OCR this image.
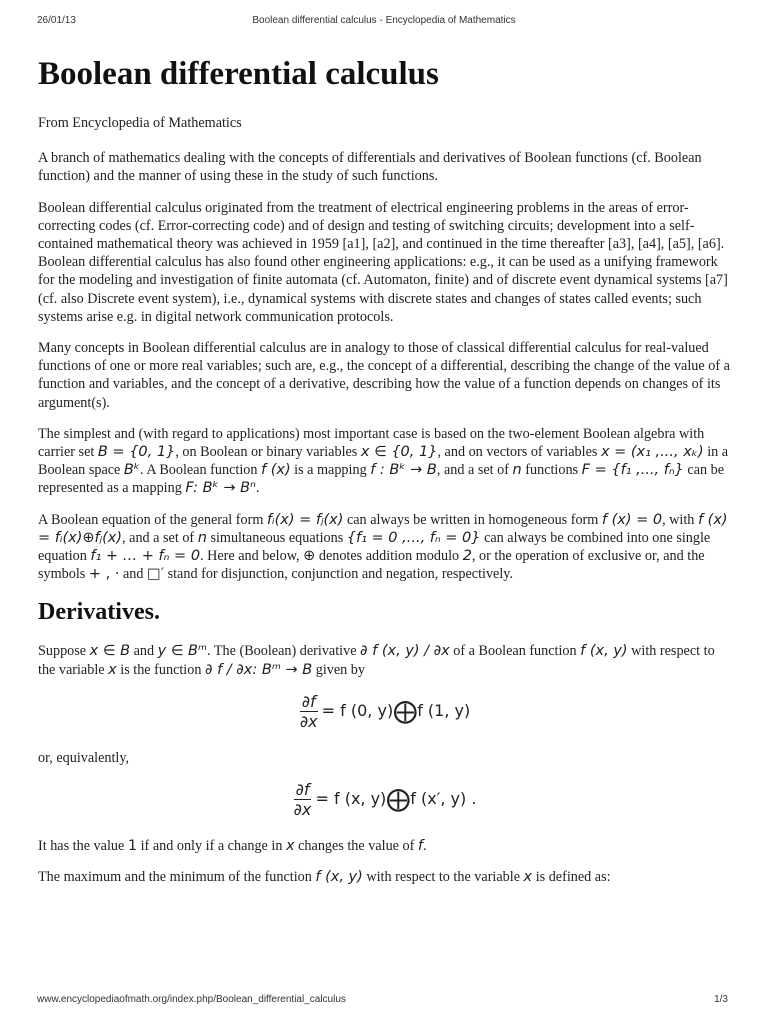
26/01/13	Boolean differential calculus - Encyclopedia of Mathematics
Boolean differential calculus

From Encyclopedia of Mathematics

A branch of mathematics dealing with the concepts of differentials and derivatives of Boolean functions (cf. Boolean function) and the manner of using these in the study of such functions.

Boolean differential calculus originated from the treatment of electrical engineering problems in the areas of error-correcting codes (cf. Error-correcting code) and of design and testing of switching circuits; development into a self-contained mathematical theory was achieved in 1959 [a1], [a2], and continued in the time thereafter [a3], [a4], [a5], [a6]. Boolean differential calculus has also found other engineering applications: e.g., it can be used as a unifying framework for the modeling and investigation of finite automata (cf. Automaton, finite) and of discrete event dynamical systems [a7] (cf. also Discrete event system), i.e., dynamical systems with discrete states and changes of states called events; such systems arise e.g. in digital network communication protocols.

Many concepts in Boolean differential calculus are in analogy to those of classical differential calculus for real-valued functions of one or more real variables; such are, e.g., the concept of a differential, describing the change of the value of a function and variables, and the concept of a derivative, describing how the value of a function depends on changes of its argument(s).

The simplest and (with regard to applications) most important case is based on the two-element Boolean algebra with carrier set B = {0, 1}, on Boolean or binary variables x ∈ {0, 1}, and on vectors of variables x = (x₁ ,..., xₖ) in a Boolean space Bᵏ. A Boolean function f (x) is a mapping f : Bᵏ → B, and a set of n functions F = {f₁ ,..., fₙ} can be represented as a mapping F: Bᵏ → Bⁿ.

A Boolean equation of the general form fᵢ(x) = fⱼ(x) can always be written in homogeneous form f (x) = 0, with f (x) = fᵢ(x)⊕fⱼ(x), and a set of n simultaneous equations {f₁ = 0 ,..., fₙ = 0} can always be combined into one single equation f₁ + … + fₙ = 0. Here and below, ⊕ denotes addition modulo 2, or the operation of exclusive or, and the symbols + , · and □′ stand for disjunction, conjunction and negation, respectively.

Derivatives.

Suppose x ∈ B and y ∈ Bᵐ. The (Boolean) derivative ∂ f (x, y) / ∂x of a Boolean function f (x, y) with respect to the variable x is the function ∂ f / ∂x: Bᵐ → B given by

$\frac{\partial f}{\partial x} = f$ (0, y)⨁f (1, y)

or, equivalently,

$\frac{\partial f}{\partial x} = f$ (x, y)⨁f (x′, y) .

It has the value 1 if and only if a change in x changes the value of f.

The maximum and the minimum of the function f (x, y) with respect to the variable x is defined as:

www.encyclopediaofmath.org/index.php/Boolean_differential_calculus	1/3
